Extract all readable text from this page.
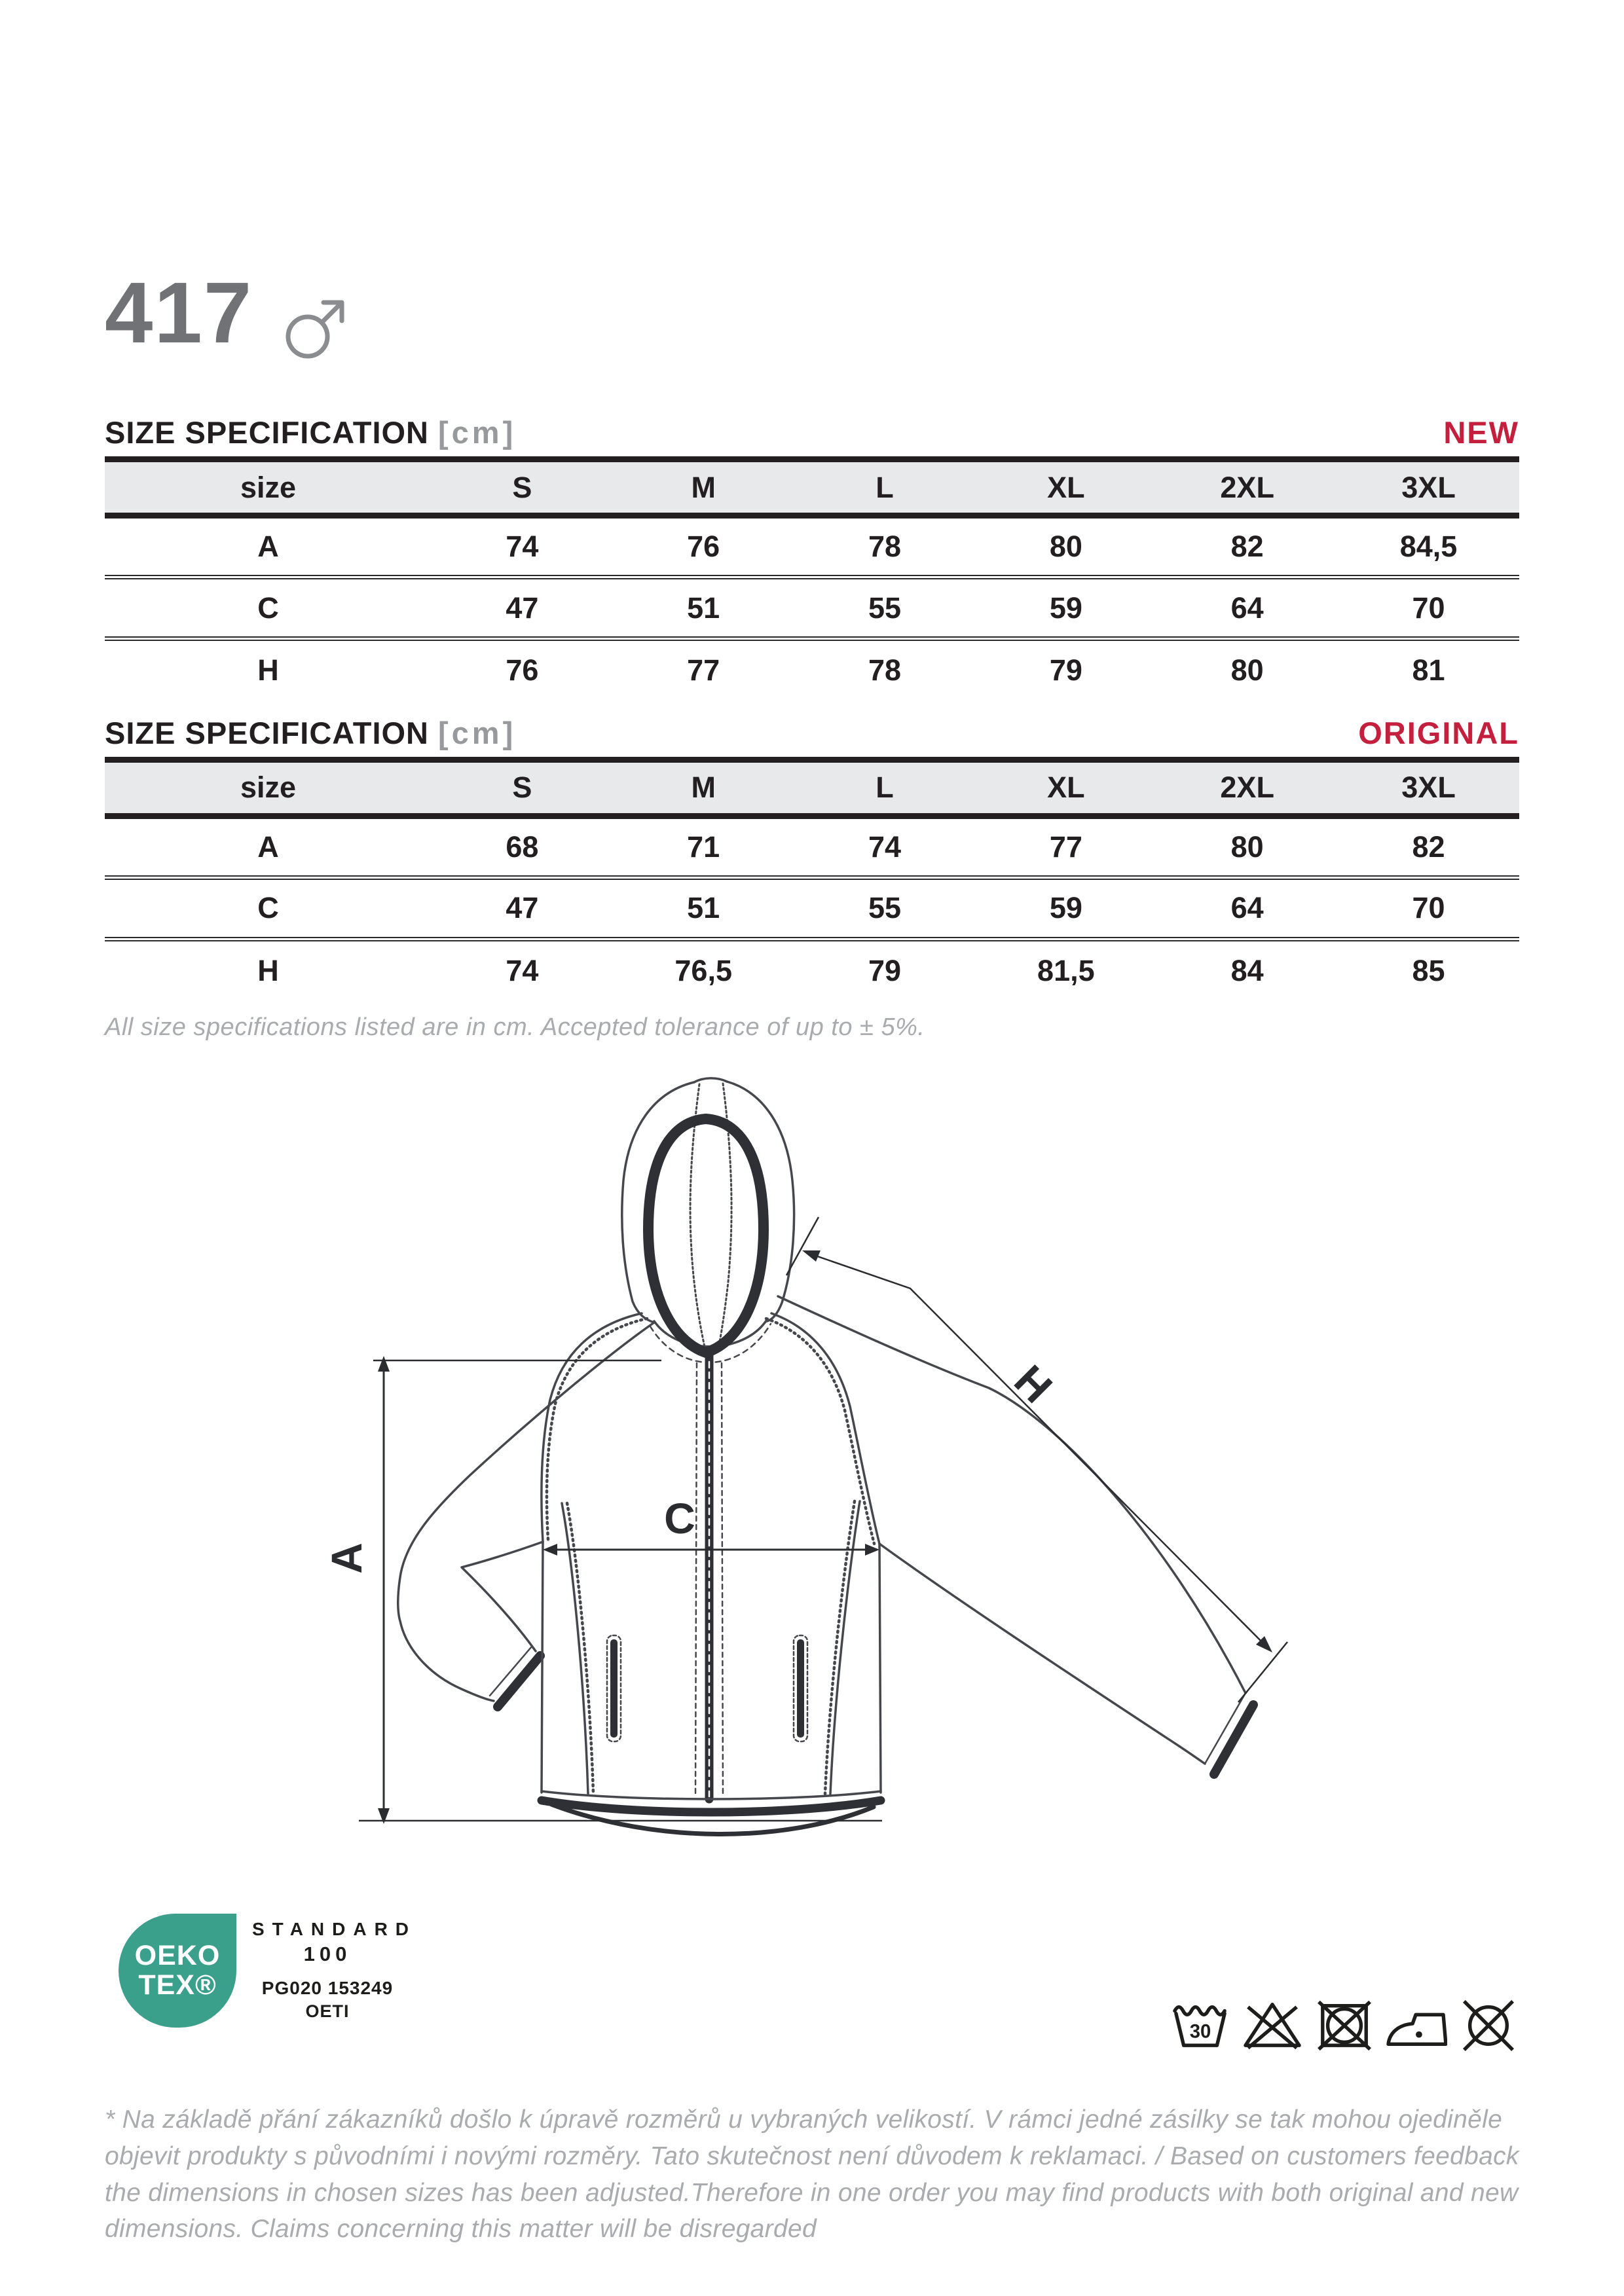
417
SIZE SPECIFICATION [cm]	NEW
size	S	M	L	XL	2XL	3XL
A	74	76	78	80	82	84,5
C	47	51	55	59	64	70
H	76	77	78	79	80	81
SIZE SPECIFICATION [cm]	ORIGINAL
size	S	M	L	XL	2XL	3XL
A	68	71	74	77	80	82
C	47	51	55	59	64	70
H	74	76,5	79	81,5	84	85
All size specifications listed are in cm. Accepted tolerance of up to ± 5%.
A
C
H
OEKO
TEX®
STANDARD
100
PG020 153249
OETI
30
* Na základě přání zákazníků došlo k úpravě rozměrů u vybraných velikostí. V rámci jedné zásilky se tak mohou ojediněle objevit produkty s původními i novými rozměry. Tato skutečnost není důvodem k reklamaci. / Based on customers feedback the dimensions in chosen sizes has been adjusted.Therefore in one order you may find products with both original and new dimensions. Claims concerning this matter will be disregarded
